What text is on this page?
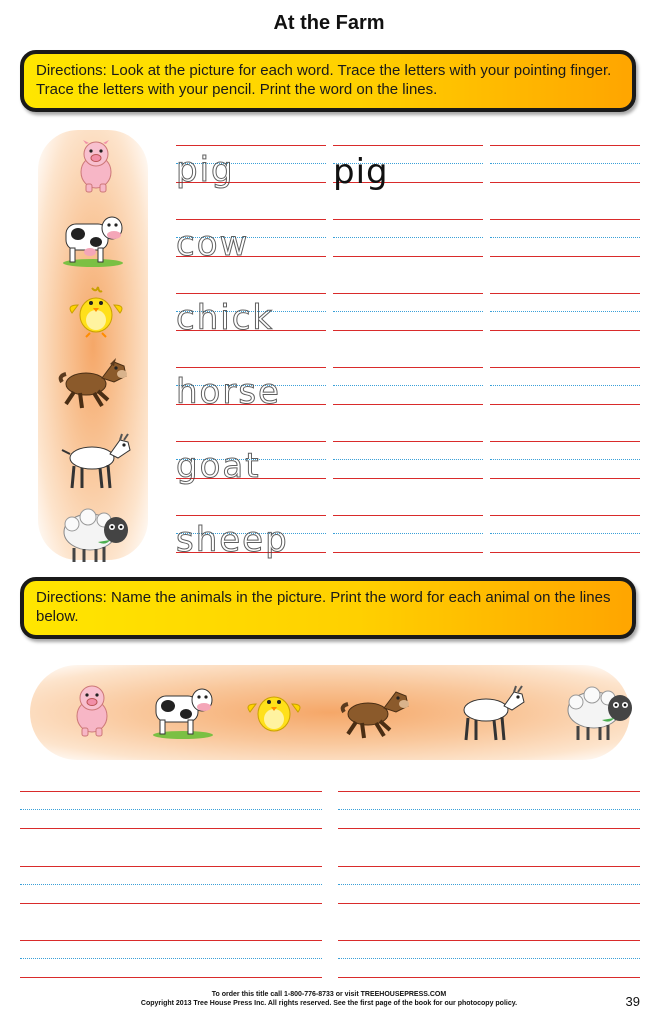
At the Farm
Directions: Look at the picture for each word. Trace the letters with your pointing finger. Trace the letters with your pencil. Print the word on the lines.
pig	pig
cow
chick
horse
goat
sheep
Directions: Name the animals in the picture. Print the word for each animal on the lines below.
To order this title call 1-800-776-8733 or visit TREEHOUSEPRESS.COM
Copyright 2013 Tree House Press Inc. All rights reserved. See the first page of the book for our photocopy policy.	39
